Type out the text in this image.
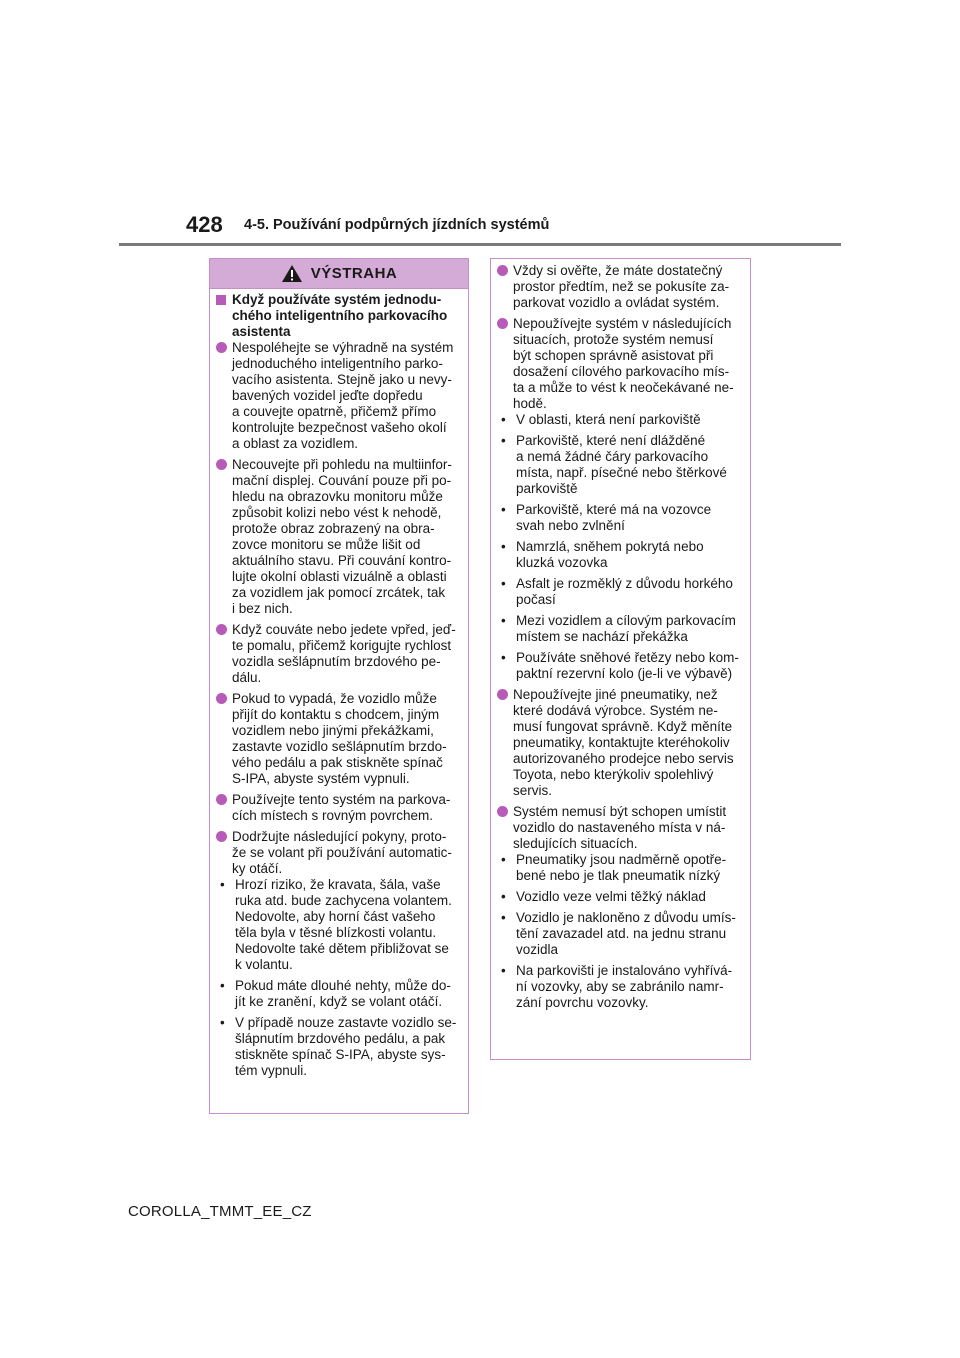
428 4-5. Používání podpůrných jízdních systémů
VÝSTRAHA
Když používáte systém jednodu-
chého inteligentního parkovacího
asistenta
Nespoléhejte se výhradně na systém
jednoduchého inteligentního parko-
vacího asistenta. Stejně jako u nevy-
bavených vozidel jeďte dopředu
a couvejte opatrně, přičemž přímo
kontrolujte bezpečnost vašeho okolí
a oblast za vozidlem.
Necouvejte při pohledu na multiinfor-
mační displej. Couvání pouze při po-
hledu na obrazovku monitoru může
způsobit kolizi nebo vést k nehodě,
protože obraz zobrazený na obra-
zovce monitoru se může lišit od
aktuálního stavu. Při couvání kontro-
lujte okolní oblasti vizuálně a oblasti
za vozidlem jak pomocí zrcátek, tak
i bez nich.
Když couváte nebo jedete vpřed, jeď-
te pomalu, přičemž korigujte rychlost
vozidla sešlápnutím brzdového pe-
dálu.
Pokud to vypadá, že vozidlo může
přijít do kontaktu s chodcem, jiným
vozidlem nebo jinými překážkami,
zastavte vozidlo sešlápnutím brzdo-
vého pedálu a pak stiskněte spínač
S-IPA, abyste systém vypnuli.
Používejte tento systém na parkova-
cích místech s rovným povrchem.
Dodržujte následující pokyny, proto-
že se volant při používání automatic-
ky otáčí.
• Hrozí riziko, že kravata, šála, vaše
ruka atd. bude zachycena volantem.
Nedovolte, aby horní část vašeho
těla byla v těsné blízkosti volantu.
Nedovolte také dětem přibližovat se
k volantu.
• Pokud máte dlouhé nehty, může do-
jít ke zranění, když se volant otáčí.
• V případě nouze zastavte vozidlo se-
šlápnutím brzdového pedálu, a pak
stiskněte spínač S-IPA, abyste sys-
tém vypnuli.
Vždy si ověřte, že máte dostatečný
prostor předtím, než se pokusíte za-
parkovat vozidlo a ovládat systém.
Nepoužívejte systém v následujících
situacích, protože systém nemusí
být schopen správně asistovat při
dosažení cílového parkovacího mís-
ta a může to vést k neočekávané ne-
hodě.
• V oblasti, která není parkoviště
• Parkoviště, které není dlážděné
a nemá žádné čáry parkovacího
místa, např. písečné nebo štěrkové
parkoviště
• Parkoviště, které má na vozovce
svah nebo zvlnění
• Namrzlá, sněhem pokrytá nebo
kluzká vozovka
• Asfalt je rozměklý z důvodu horkého
počasí
• Mezi vozidlem a cílovým parkovacím
místem se nachází překážka
• Používáte sněhové řetězy nebo kom-
paktní rezervní kolo (je-li ve výbavě)
Nepoužívejte jiné pneumatiky, než
které dodává výrobce. Systém ne-
musí fungovat správně. Když měníte
pneumatiky, kontaktujte kteréhokoliv
autorizovaného prodejce nebo servis
Toyota, nebo kterýkoliv spolehlivý
servis.
Systém nemusí být schopen umístit
vozidlo do nastaveného místa v ná-
sledujících situacích.
• Pneumatiky jsou nadměrně opotře-
bené nebo je tlak pneumatik nízký
• Vozidlo veze velmi těžký náklad
• Vozidlo je nakloněno z důvodu umís-
tění zavazadel atd. na jednu stranu
vozidla
• Na parkovišti je instalováno vyhřívá-
ní vozovky, aby se zabránilo namr-
zání povrchu vozovky.
COROLLA_TMMT_EE_CZ
